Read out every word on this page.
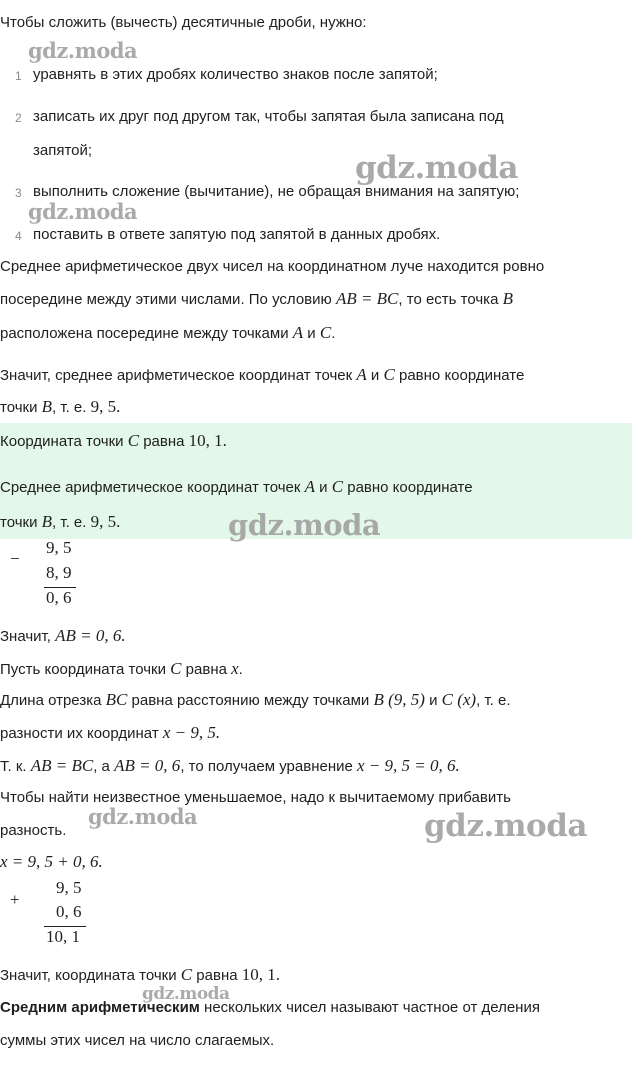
Чтобы сложить (вычесть) десятичные дроби, нужно:
1 уравнять в этих дробях количество знаков после запятой;
2 записать их друг под другом так, чтобы запятая была записана под
запятой;
3 выполнить сложение (вычитание), не обращая внимания на запятую;
4 поставить в ответе запятую под запятой в данных дробях.
Среднее арифметическое двух чисел на координатном луче находится ровно
посередине между этими числами. По условию AB = BC, то есть точка B
расположена посередине между точками A и C.
Значит, среднее арифметическое координат точек A и C равно координате
точки B, т. е. 9, 5.
Координата точки C равна 10, 1.
Среднее арифметическое координат точек A и C равно координате
точки B, т. е. 9, 5.
−
9, 5
8, 9
0, 6
Значит, AB = 0, 6.
Пусть координата точки C равна x.
Длина отрезка BC равна расстоянию между точками B (9, 5) и C (x), т. е.
разности их координат x − 9, 5.
Т. к. AB = BC, а AB = 0, 6, то получаем уравнение x − 9, 5 = 0, 6.
Чтобы найти неизвестное уменьшаемое, надо к вычитаемому прибавить
разность.
x = 9, 5 + 0, 6.
+
9, 5
0, 6
10, 1
Значит, координата точки C равна 10, 1.
Средним арифметическим нескольких чисел называют частное от деления
суммы этих чисел на число слагаемых.
gdz.moda
gdz.moda
gdz.moda
gdz.moda
gdz.moda	gdz.moda
gdz.moda
